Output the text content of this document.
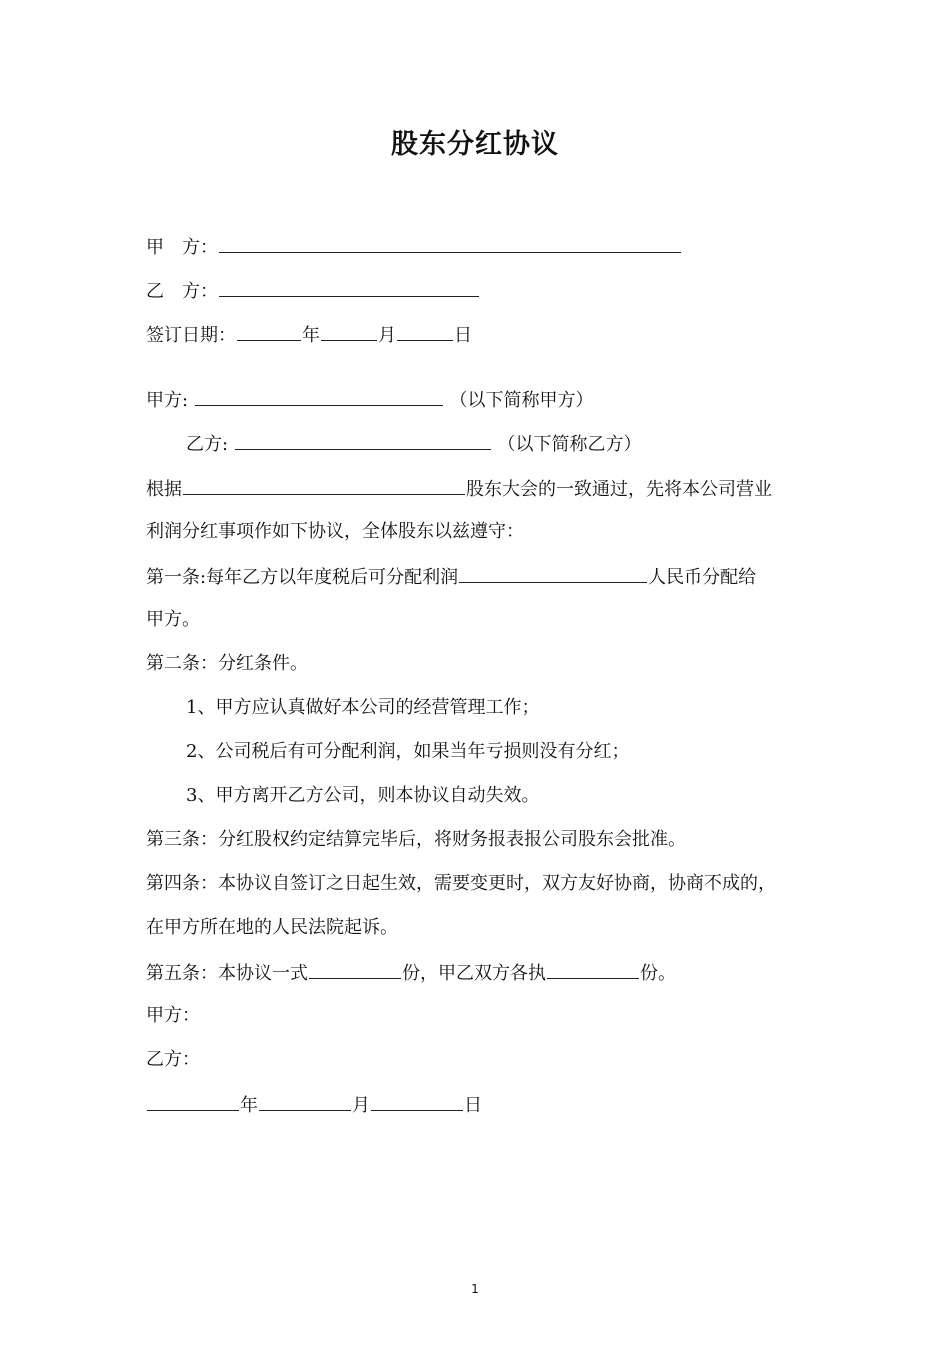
股东分红协议
甲　方：
乙　方：
签订日期：	年	月	日
甲方:	（以下简称甲方）
乙方:	（以下简称乙方）
根据	股东大会的一致通过，先将本公司营业
利润分红事项作如下协议，全体股东以兹遵守：
第一条:每年乙方以年度税后可分配利润	人民币分配给
甲方。
第二条：分红条件。
1、甲方应认真做好本公司的经营管理工作；
2、公司税后有可分配利润，如果当年亏损则没有分红；
3、甲方离开乙方公司，则本协议自动失效。
第三条：分红股权约定结算完毕后，将财务报表报公司股东会批准。
第四条：本协议自签订之日起生效，需要变更时，双方友好协商，协商不成的，
在甲方所在地的人民法院起诉。
第五条：本协议一式	份，甲乙双方各执	份。
甲方：
乙方：
年	月	日
1
